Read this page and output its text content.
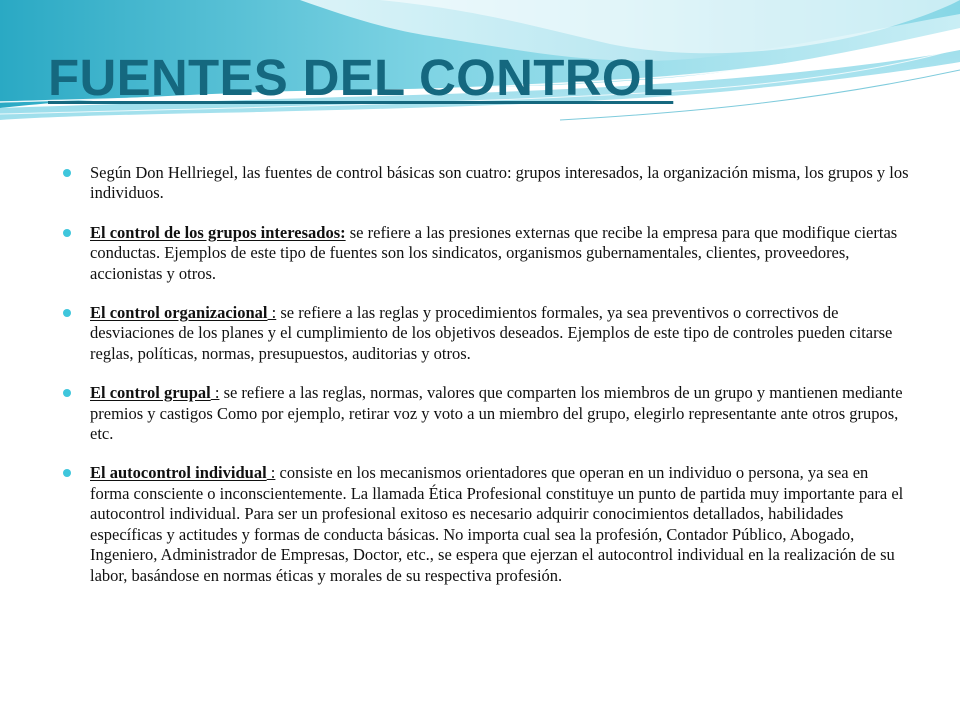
FUENTES DEL CONTROL
Según Don Hellriegel, las fuentes de control básicas son cuatro: grupos interesados, la organización misma, los grupos y los individuos.
El control de los grupos interesados: se refiere a las presiones externas que recibe la empresa para que modifique ciertas conductas. Ejemplos de este tipo de fuentes son los sindicatos, organismos gubernamentales, clientes, proveedores, accionistas y otros.
El control organizacional : se refiere a las reglas y procedimientos formales, ya sea preventivos o correctivos de desviaciones de los planes y el cumplimiento de los objetivos deseados. Ejemplos de este tipo de controles pueden citarse reglas, políticas, normas, presupuestos, auditorias y otros.
El control grupal : se refiere a las reglas, normas, valores que comparten los miembros de un grupo y mantienen mediante premios y castigos Como por ejemplo, retirar voz y voto a un miembro del grupo, elegirlo representante ante otros grupos, etc.
El autocontrol individual : consiste en los mecanismos orientadores que operan en un individuo o persona, ya sea en forma consciente o inconscientemente. La llamada Ética Profesional constituye un punto de partida muy importante para el autocontrol individual. Para ser un profesional exitoso es necesario adquirir conocimientos detallados, habilidades específicas y actitudes y formas de conducta básicas. No importa cual sea la profesión, Contador Público, Abogado, Ingeniero, Administrador de Empresas, Doctor, etc., se espera que ejerzan el autocontrol individual en la realización de su labor, basándose en normas éticas y morales de su respectiva profesión.
